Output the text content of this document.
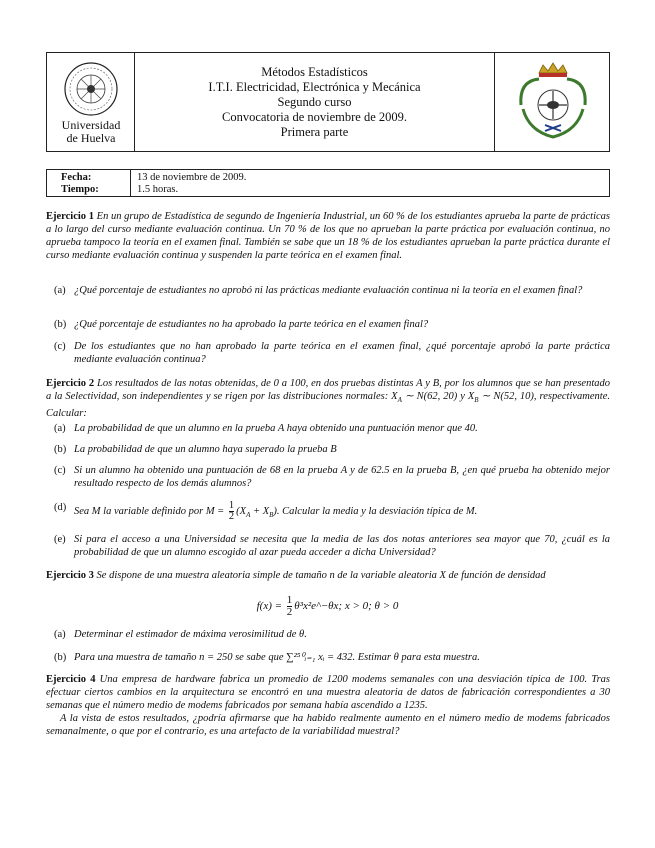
Universidad
de Huelva
Métodos Estadísticos
I.T.I. Electricidad, Electrónica y Mecánica
Segundo curso
Convocatoria de noviembre de 2009.
Primera parte
Fecha:	13 de noviembre de 2009.
Tiempo:	1.5 horas.
Ejercicio 1 En un grupo de Estadística de segundo de Ingeniería Industrial, un 60 % de los estudiantes aprueba la parte de prácticas a lo largo del curso mediante evaluación continua. Un 70 % de los que no aprueban la parte práctica por evaluación continua, no aprueba tampoco la teoría en el examen final. También se sabe que un 18 % de los estudiantes aprueban la parte práctica durante el curso mediante evaluación continua y suspenden la parte teórica en el examen final.
(a) ¿Qué porcentaje de estudiantes no aprobó ni las prácticas mediante evaluación continua ni la teoría en el examen final?
(b) ¿Qué porcentaje de estudiantes no ha aprobado la parte teórica en el examen final?
(c) De los estudiantes que no han aprobado la parte teórica en el examen final, ¿qué porcentaje aprobó la parte práctica mediante evaluación continua?
Ejercicio 2 Los resultados de las notas obtenidas, de 0 a 100, en dos pruebas distintas A y B, por los alumnos que se han presentado a la Selectividad, son independientes y se rigen por las distribuciones normales: $X_A$ ∼ N(62, 20) y $X_B$ ∼ N(52, 10), respectivamente. Calcular:
(a) La probabilidad de que un alumno en la prueba A haya obtenido una puntuación menor que 40.
(b) La probabilidad de que un alumno haya superado la prueba B
(c) Si un alumno ha obtenido una puntuación de 68 en la prueba A y de 62.5 en la prueba B, ¿en qué prueba ha obtenido mejor resultado respecto de los demás alumnos?
(d) Sea M la variable definido por $M = \frac{1}{2} (X_A + X_B)$. Calcular la media y la desviación típica de M.
(e) Si para el acceso a una Universidad se necesita que la media de las dos notas anteriores sea mayor que 70, ¿cuál es la probabilidad de que un alumno escogido al azar pueda acceder a dicha Universidad?
Ejercicio 3 Se dispone de una muestra aleatoria simple de tamaño n de la variable aleatoria X de función de densidad
$f(x) = \frac{1}{2}$ θ³x²e^−θx; x > 0; θ > 0
(a) Determinar el estimador de máxima verosimilitud de θ.
(b) Para una muestra de tamaño n = 250 se sabe que ∑²⁵⁰ᵢ₌₁ xᵢ = 432. Estimar θ para esta muestra.
Ejercicio 4 Una empresa de hardware fabrica un promedio de 1200 modems semanales con una desviación típica de 100. Tras efectuar ciertos cambios en la arquitectura se encontró en una muestra aleatoria de datos de fabricación correspondientes a 30 semanas que el número medio de modems fabricados por semana había ascendido a 1235.
A la vista de estos resultados, ¿podría afirmarse que ha habido realmente aumento en el número medio de modems fabricados semanalmente, o que por el contrario, es una artefacto de la variabilidad muestral?
